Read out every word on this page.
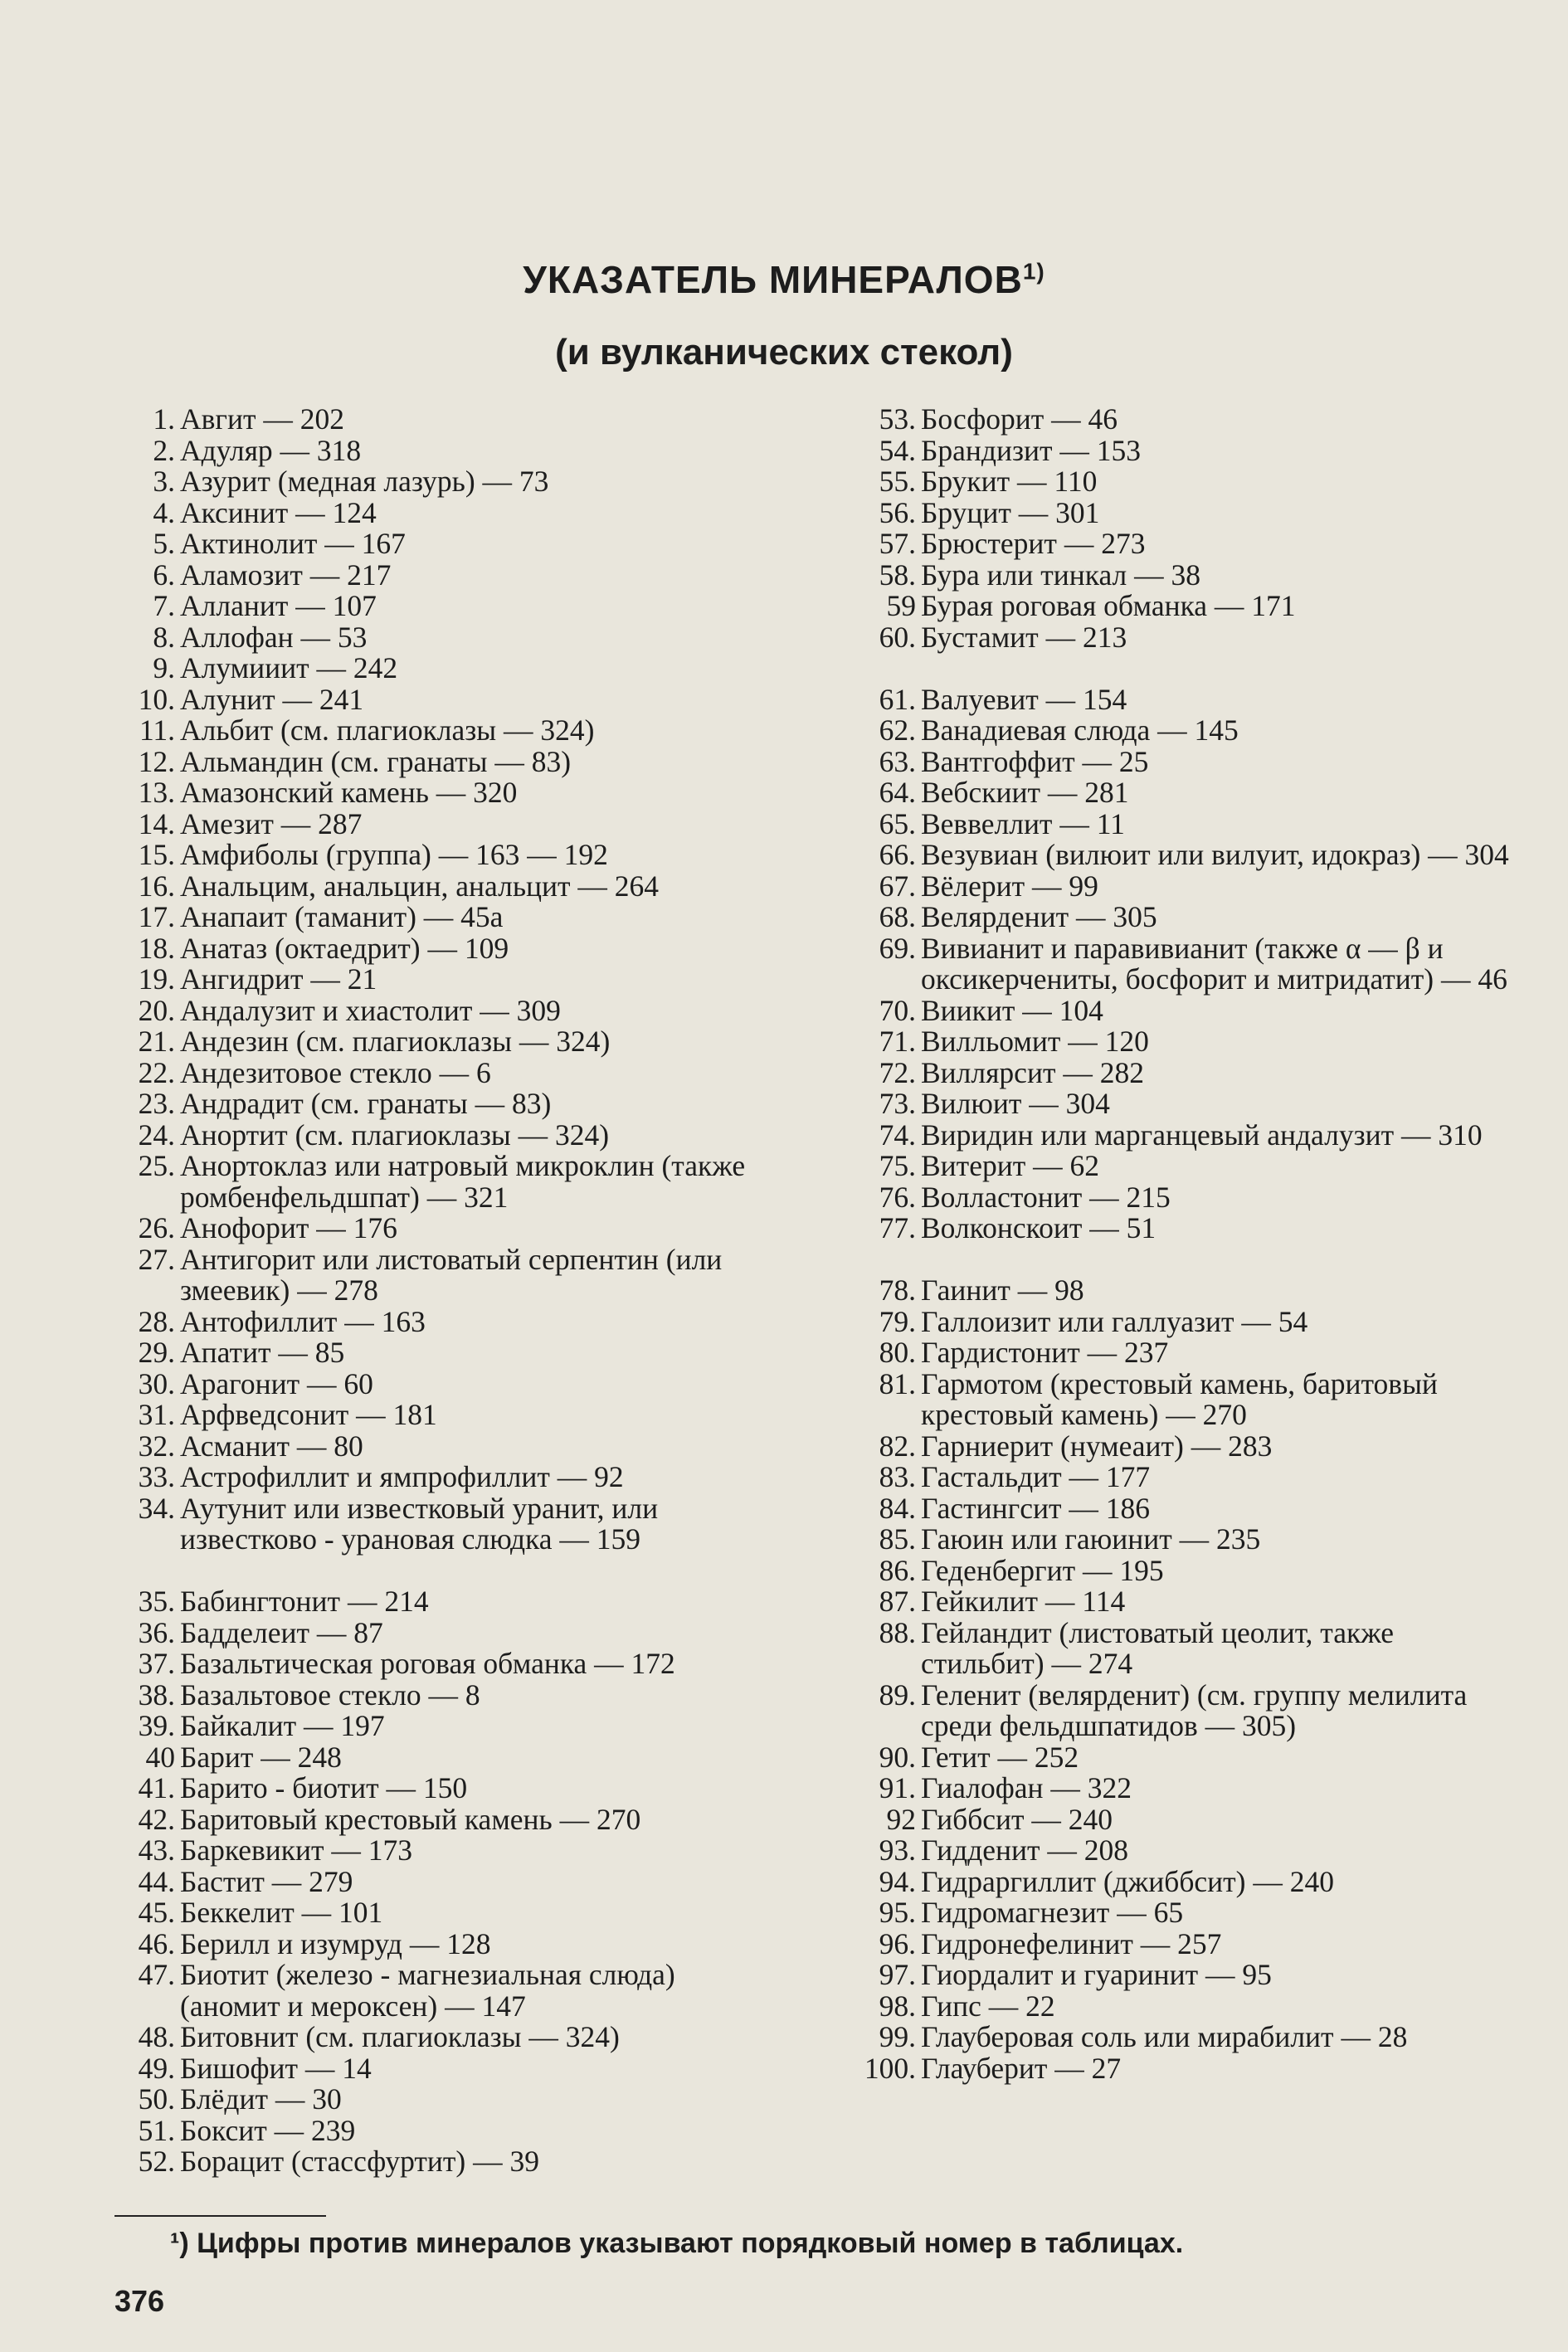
УКАЗАТЕЛЬ МИНЕРАЛОВ$^{1)}$
(и вулканических стекол)
1. Авгит — 202
2. Адуляр — 318
3. Азурит (медная лазурь) — 73
4. Аксинит — 124
5. Актинолит — 167
6. Аламозит — 217
7. Алланит — 107
8. Аллофан — 53
9. Алумииит — 242
10. Алунит — 241
11. Альбит (см. плагиоклазы — 324)
12. Альмандин (см. гранаты — 83)
13. Амазонский камень — 320
14. Амезит — 287
15. Амфиболы (группа) — 163 — 192
16. Анальцим, анальцин, анальцит — 264
17. Анапаит (таманит) — 45а
18. Анатаз (октаедрит) — 109
19. Ангидрит — 21
20. Андалузит и хиастолит — 309
21. Андезин (см. плагиоклазы — 324)
22. Андезитовое стекло — 6
23. Андрадит (см. гранаты — 83)
24. Анортит (см. плагиоклазы — 324)
25. Анортоклаз или натровый микроклин (также ромбенфельдшпат) — 321
26. Анофорит — 176
27. Антигорит или листоватый серпентин (или змеевик) — 278
28. Антофиллит — 163
29. Апатит — 85
30. Арагонит — 60
31. Арфведсонит — 181
32. Асманит — 80
33. Астрофиллит и ямпрофиллит — 92
34. Аутунит или известковый уранит, или известково - урановая слюдка — 159
35. Бабингтонит — 214
36. Бадделеит — 87
37. Базальтическая роговая обманка — 172
38. Базальтовое стекло — 8
39. Байкалит — 197
40 Барит — 248
41. Барито - биотит — 150
42. Баритовый крестовый камень — 270
43. Баркевикит — 173
44. Бастит — 279
45. Беккелит — 101
46. Берилл и изумруд — 128
47. Биотит (железо - магнезиальная слюда) (аномит и мероксен) — 147
48. Битовнит (см. плагиоклазы — 324)
49. Бишофит — 14
50. Блёдит — 30
51. Боксит — 239
52. Борацит (стассфуртит) — 39
53. Босфорит — 46
54. Брандизит — 153
55. Брукит — 110
56. Бруцит — 301
57. Брюстерит — 273
58. Бура или тинкал — 38
59 Бурая роговая обманка — 171
60. Бустамит — 213
61. Валуевит — 154
62. Ванадиевая слюда — 145
63. Вантгоффит — 25
64. Вебскиит — 281
65. Веввеллит — 11
66. Везувиан (вилюит или вилуит, идокраз) — 304
67. Вёлерит — 99
68. Велярденит — 305
69. Вивианит и паравивианит (также α — β и оксикерчениты, босфорит и митридатит) — 46
70. Виикит — 104
71. Вилльомит — 120
72. Виллярсит — 282
73. Вилюит — 304
74. Виридин или марганцевый андалузит — 310
75. Витерит — 62
76. Волластонит — 215
77. Волконскоит — 51
78. Гаинит — 98
79. Галлоизит или галлуазит — 54
80. Гардистонит — 237
81. Гармотом (крестовый камень, баритовый крестовый камень) — 270
82. Гарниерит (нумеаит) — 283
83. Гастальдит — 177
84. Гастингсит — 186
85. Гаюин или гаюинит — 235
86. Геденбергит — 195
87. Гейкилит — 114
88. Гейландит (листоватый цеолит, также стильбит) — 274
89. Геленит (велярденит) (см. группу мелилита среди фельдшпатидов — 305)
90. Гетит — 252
91. Гиалофан — 322
92 Гиббсит — 240
93. Гидденит — 208
94. Гидраргиллит (джиббсит) — 240
95. Гидромагнезит — 65
96. Гидронефелинит — 257
97. Гиордалит и гуаринит — 95
98. Гипс — 22
99. Глауберовая соль или мирабилит — 28
100. Глауберит — 27
¹) Цифры против минералов указывают порядковый номер в таблицах.
376
